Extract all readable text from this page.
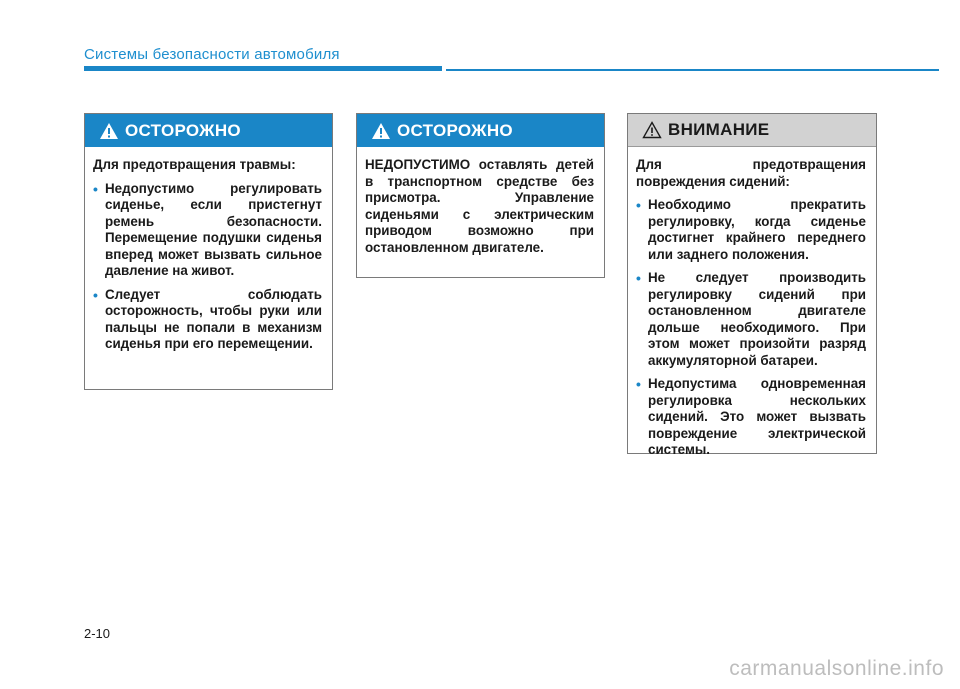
Системы безопасности автомобиля
ОСТОРОЖНО

Для предотвращения травмы:

• Недопустимо регулировать сиденье, если пристегнут ремень безопасности. Перемещение подушки сиденья вперед может вызвать сильное давление на живот.
• Следует соблюдать осторожность, чтобы руки или пальцы не попали в механизм сиденья при его перемещении.
ОСТОРОЖНО

НЕДОПУСТИМО оставлять детей в транспортном средстве без присмотра. Управление сиденьями с электрическим приводом возможно при остановленном двигателе.

ВНИМАНИЕ

Для предотвращения повреждения сидений:

• Необходимо прекратить регулировку, когда сиденье достигнет крайнего переднего или заднего положения.
• Не следует производить регулировку сидений при остановленном двигателе дольше необходимого. При этом может произойти разряд аккумуляторной батареи.
• Недопустима одновременная регулировка нескольких сидений. Это может вызвать повреждение электрической системы.
2-10
carmanualsonline.info
